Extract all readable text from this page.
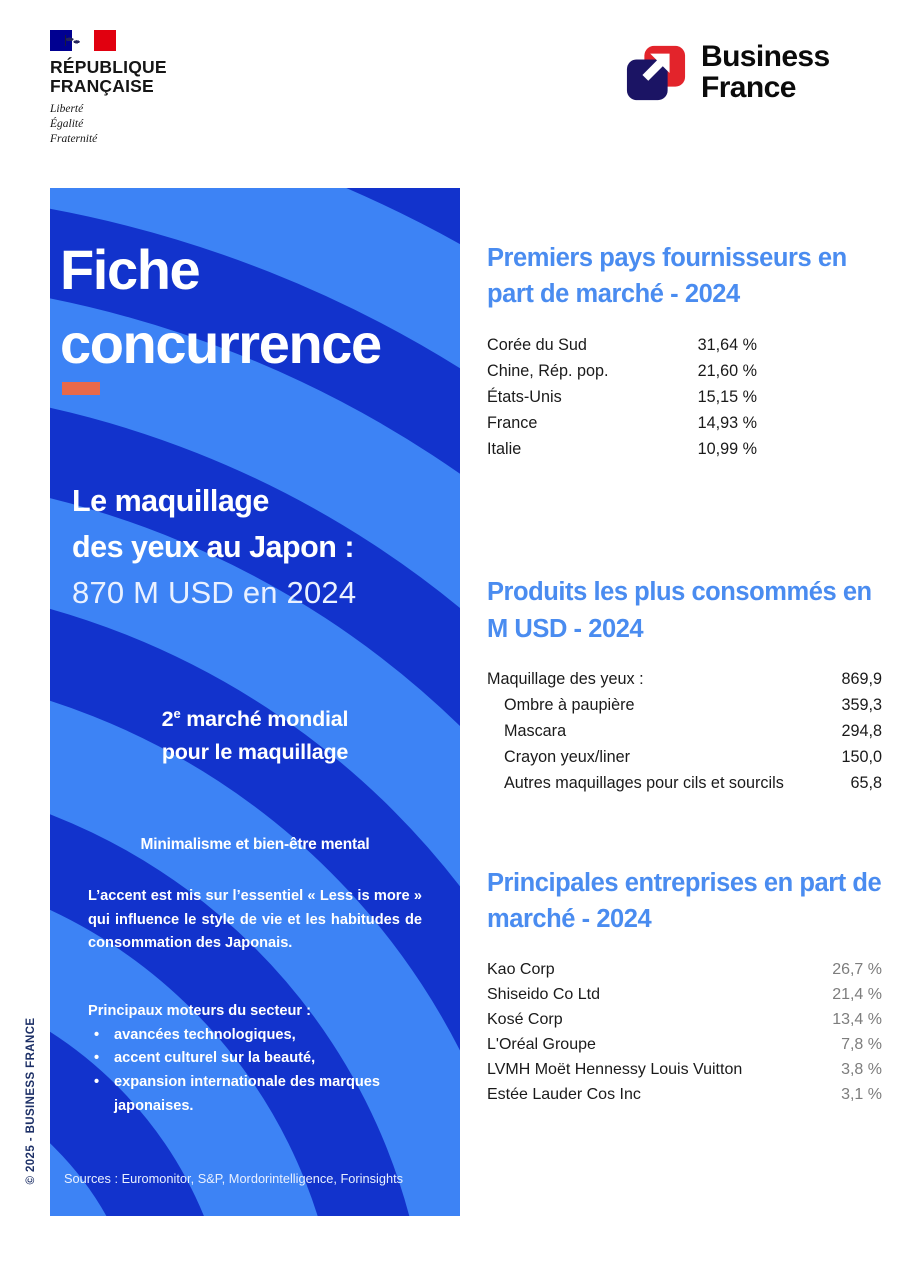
RÉPUBLIQUE
FRANÇAISE
Liberté
Égalité
Fraternité
Business
France
© 2025 - BUSINESS FRANCE
Fiche
concurrence
Le maquillage
des yeux au Japon :
870 M USD en 2024
2e marché mondial
pour le maquillage
Minimalisme et bien-être mental
L’accent est mis sur l’essentiel « Less is more » qui influence le style de vie et les habitudes de consommation des Japonais.
Principaux moteurs du secteur :
• avancées technologiques,
• accent culturel sur la beauté,
• expansion internationale des marques japonaises.
Sources : Euromonitor, S&P, Mordorintelligence, Forinsights
Premiers pays fournisseurs en part de marché - 2024
Corée du Sud	31,64 %
Chine, Rép. pop.	21,60 %
États-Unis	15,15 %
France	14,93 %
Italie	10,99 %
Produits les plus consommés en M USD - 2024
Maquillage des yeux :	869,9
Ombre à paupière	359,3
Mascara	294,8
Crayon yeux/liner	150,0
Autres maquillages pour cils et sourcils	65,8
Principales entreprises en part de marché - 2024
Kao Corp	26,7 %
Shiseido Co Ltd	21,4 %
Kosé Corp	13,4 %
L'Oréal Groupe	7,8 %
LVMH Moët Hennessy Louis Vuitton	3,8 %
Estée Lauder Cos Inc	3,1 %
